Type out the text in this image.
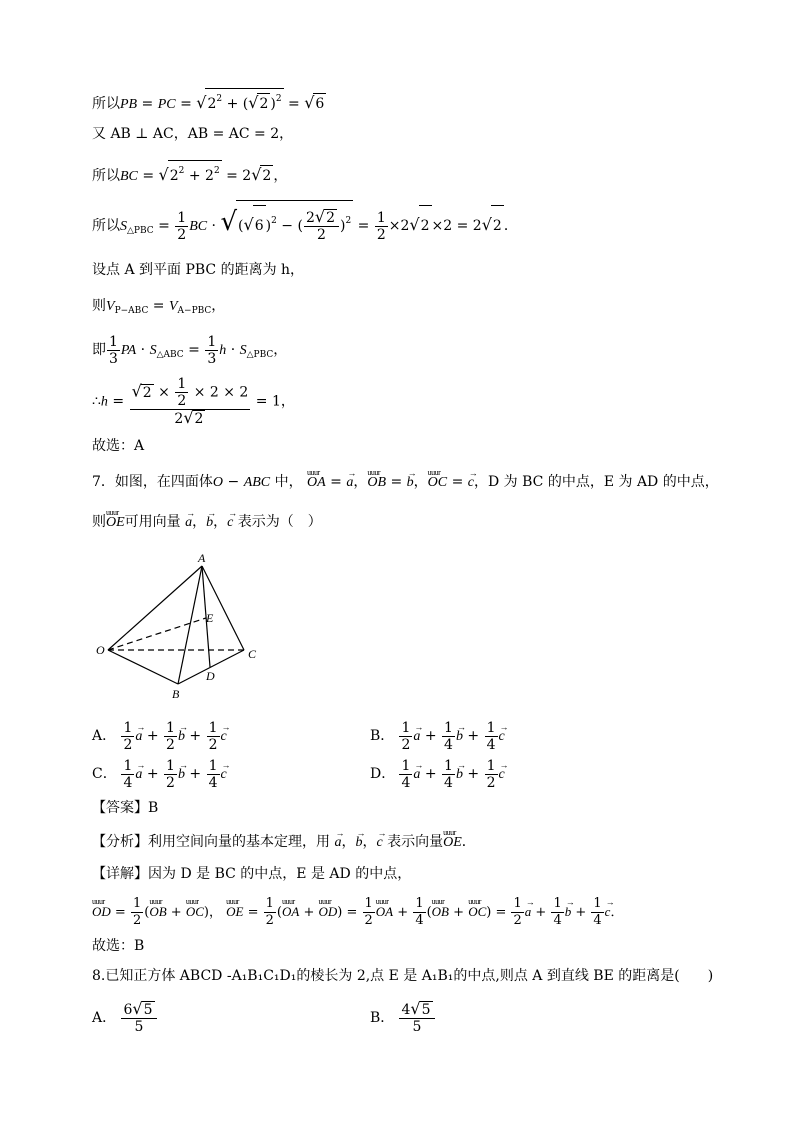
所以PB = PC = $√2^2 + (√2$ )$^2$ = √6
又 AB ⊥ AC，AB = AC = 2，
所以BC = $√2^2 + 2^2 = 2√2$ ，
所以$S_{\triangle PBC} = \frac{1}{2}$ BC · √(√6 )$^2$ − ( $\frac{2√2}{2} )^2 = \frac{1}{2} \times 2√2 \times 2 = 2√2$ ．
设点 A 到平面 PBC 的距离为 h，
则$V_{P-ABC} = V_{A-PBC}$，
即 $\frac{1}{3}$ PA · $S_{\triangle ABC} = \frac{1}{3}$ $h \cdot S_{\triangle PBC}$，
∴h = $\frac{√2 \times \frac{1}{2} \times 2 \times 2}{2√2} = 1$，
故选：A
7．如图，在四面体O − ABC 中， uuur OA = → a，uuur OB = → b，uuur OC = → c，D 为 BC 的中点，E 为 AD 的中点，
则uuur OE可用向量 → a，→ b，→ c 表示为（　）
A
E
O	C
D
B
A． $\frac{1}{2}$
→ $a + \frac{1}{2}$
→ $b + \frac{1}{2}$
→ c	B． $\frac{1}{2}$
→ $a + \frac{1}{4}$
→ $b + \frac{1}{4}$
→ c
C． $\frac{1}{4}$
→ $a + \frac{1}{2}$
→ $b + \frac{1}{4}$
→ c	D． $\frac{1}{4}$
→ $a + \frac{1}{4}$
→ $b + \frac{1}{2}$
→ c
【答案】B
【分析】利用空间向量的基本定理，用 → a，→ b，→ c 表示向量uuur OE．
【详解】因为 D 是 BC 的中点，E 是 AD 的中点，
uuur OD = $\frac{1}{2}$ (uuur OB + uuur OC)， uuur OE = $\frac{1}{2}$ (uuur OA + uuur $OD) = \frac{1}{2}$
uuur OA + $\frac{1}{4}$ (uuur OB + uuur $OC) = \frac{1}{2}$
→ $a + \frac{1}{4}$
→ $b + \frac{1}{4}$
→ c．
故选：B
8.已知正方体 ABCD -A₁B₁C₁D₁的棱长为 2,点 E 是 A₁B₁的中点,则点 A 到直线 BE 的距离是(　　)
A． $\frac{6√5}{5}$	B． $\frac{4√5}{5}$
